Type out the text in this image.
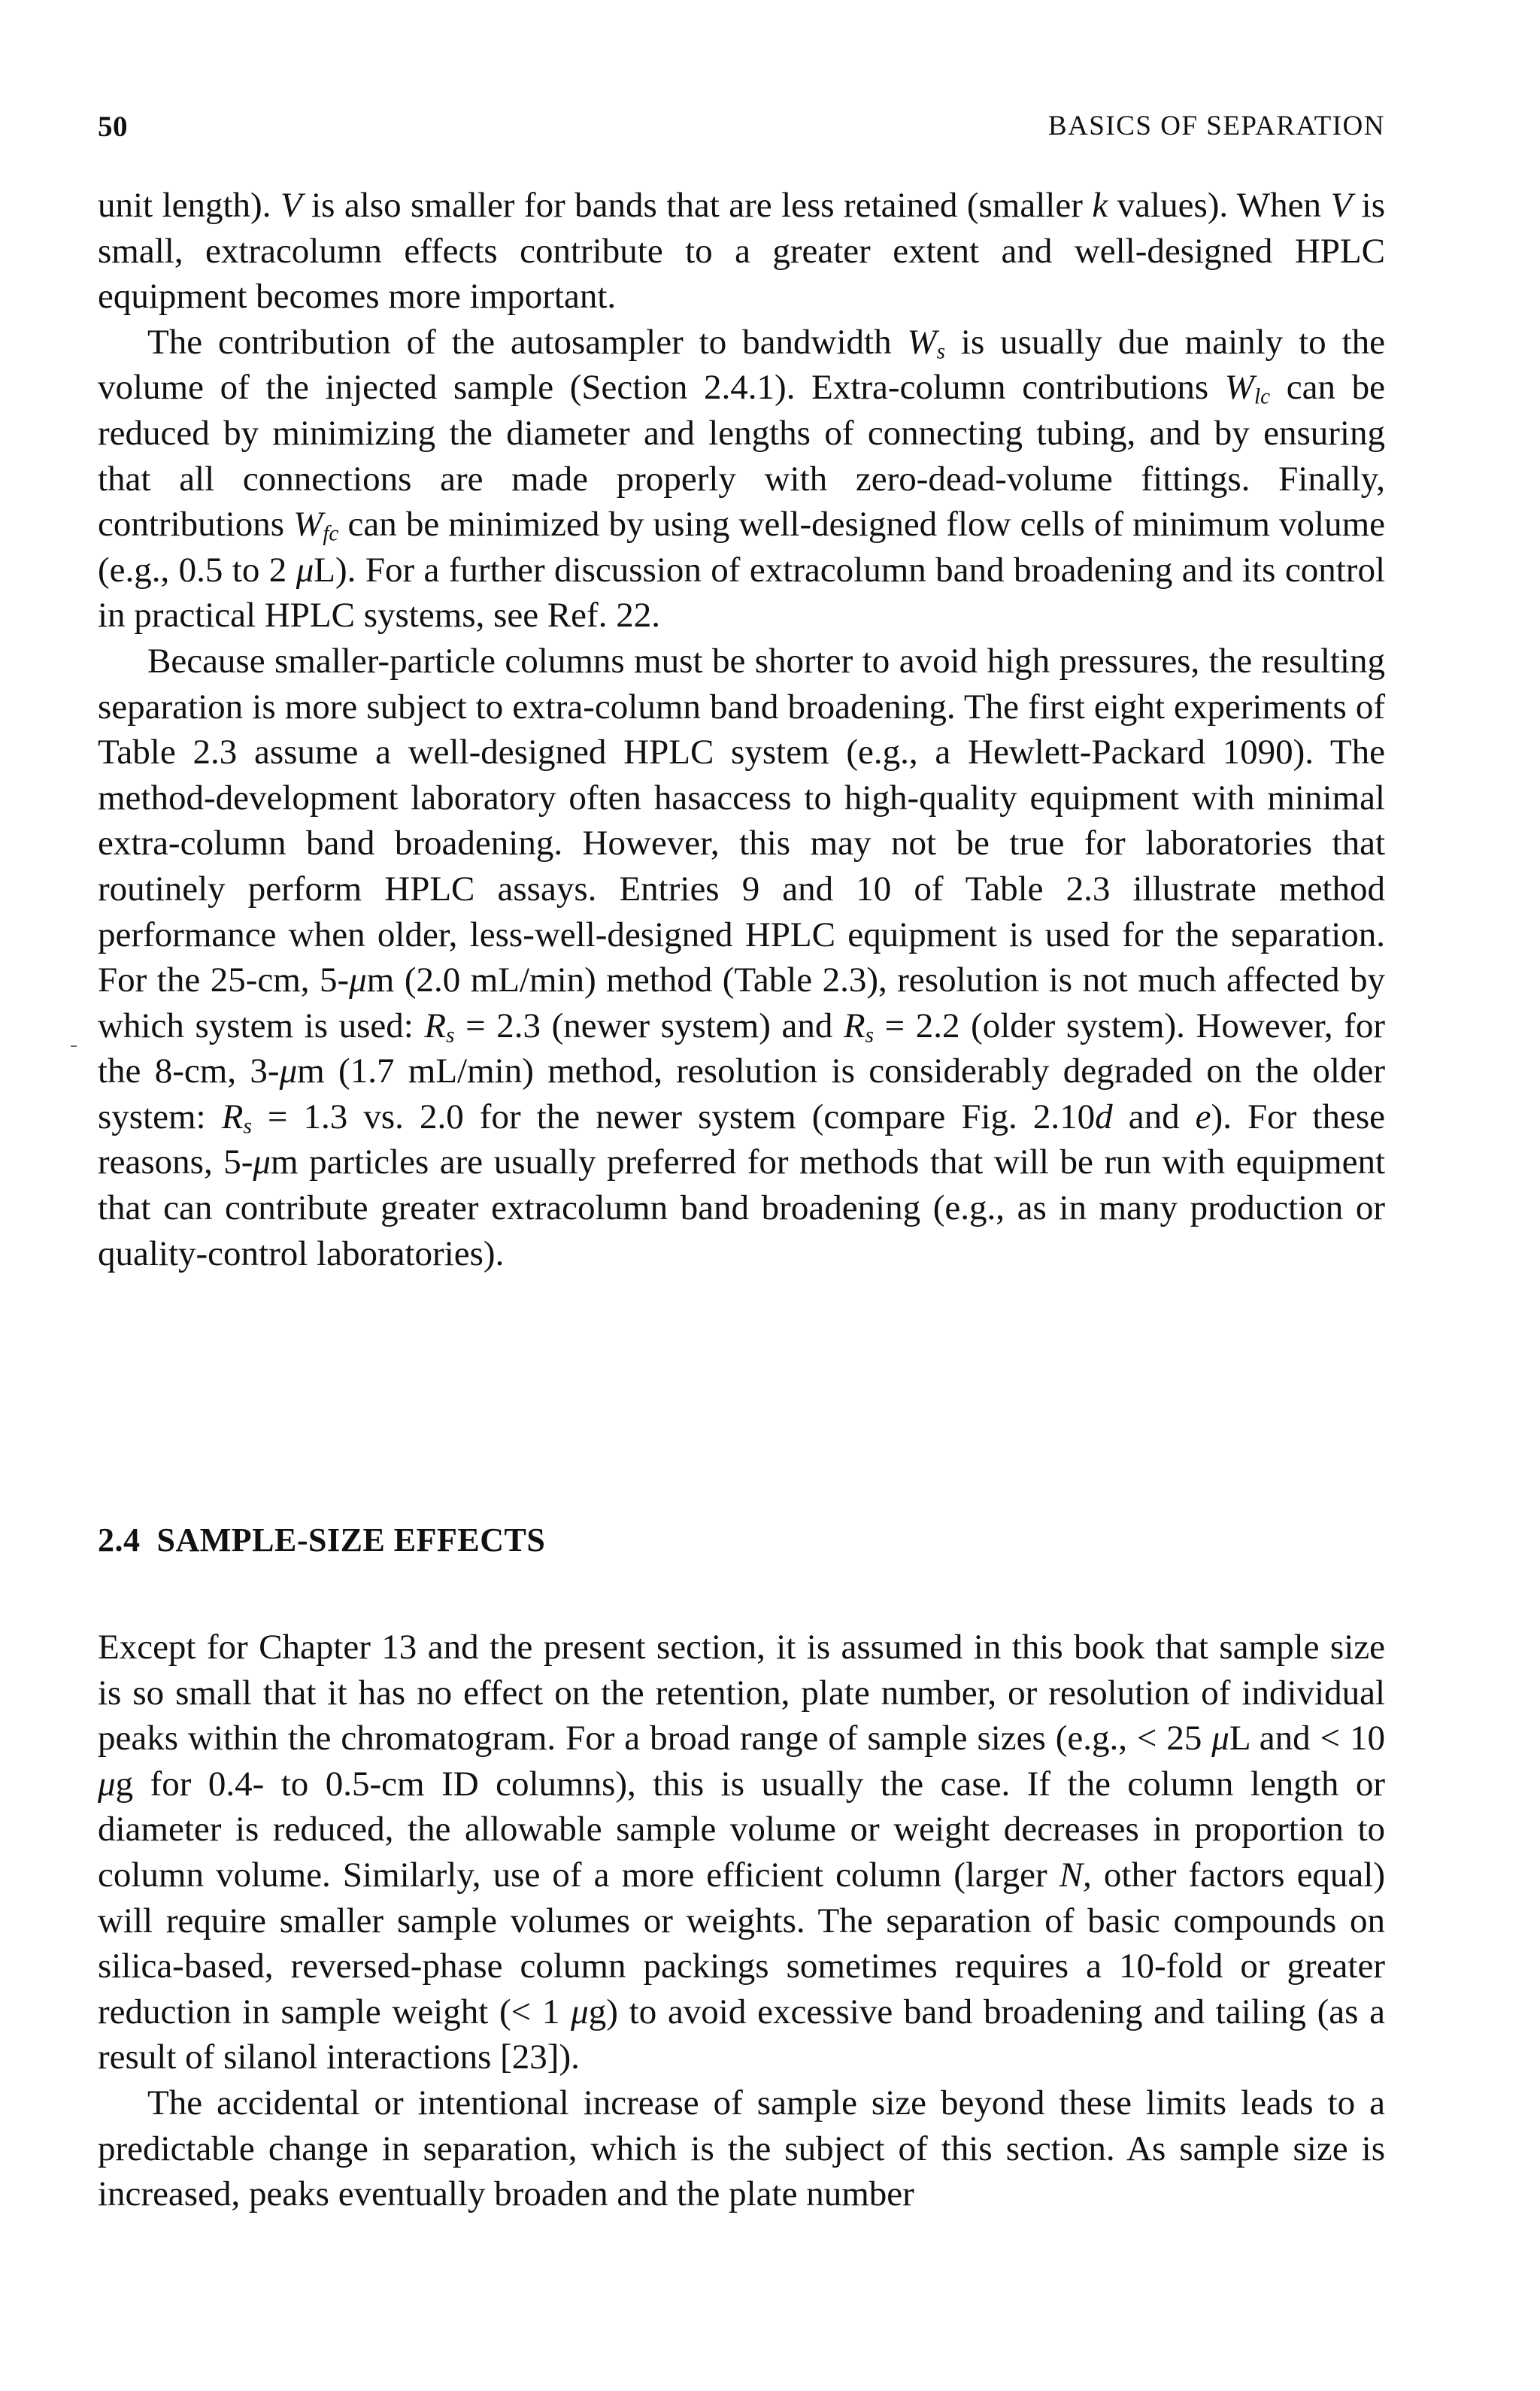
50	BASICS OF SEPARATION

unit length). V is also smaller for bands that are less retained (smaller k values). When V is small, extracolumn effects contribute to a greater extent and well-designed HPLC equipment becomes more important.

The contribution of the autosampler to bandwidth $W_s$ is usually due mainly to the volume of the injected sample (Section 2.4.1). Extra-column contributions $W_{lc}$ can be reduced by minimizing the diameter and lengths of connecting tubing, and by ensuring that all connections are made properly with zero-dead-volume fittings. Finally, contributions $W_{fc}$ can be minimized by using well-designed flow cells of minimum volume (e.g., 0.5 to 2 μL). For a further discussion of extracolumn band broadening and its control in practical HPLC systems, see Ref. 22.

Because smaller-particle columns must be shorter to avoid high pressures, the resulting separation is more subject to extra-column band broadening. The first eight experiments of Table 2.3 assume a well-designed HPLC system (e.g., a Hewlett-Packard 1090). The method-development laboratory often hasaccess to high-quality equipment with minimal extra-column band broadening. However, this may not be true for laboratories that routinely perform HPLC assays. Entries 9 and 10 of Table 2.3 illustrate method performance when older, less-well-designed HPLC equipment is used for the separation. For the 25-cm, 5-μm (2.0 mL/min) method (Table 2.3), resolution is not much affected by which system is used: $R_s = 2.3$ (newer system) and $R_s = 2.2$ (older system). However, for the 8-cm, 3-μm (1.7 mL/min) method, resolution is considerably degraded on the older system: $R_s = 1.3$ vs. 2.0 for the newer system (compare Fig. 2.10d and e). For these reasons, 5-μm particles are usually preferred for methods that will be run with equipment that can contribute greater extracolumn band broadening (e.g., as in many production or quality-control laboratories).

2.4 SAMPLE-SIZE EFFECTS

Except for Chapter 13 and the present section, it is assumed in this book that sample size is so small that it has no effect on the retention, plate number, or resolution of individual peaks within the chromatogram. For a broad range of sample sizes (e.g., < 25 μL and < 10 μg for 0.4- to 0.5-cm ID columns), this is usually the case. If the column length or diameter is reduced, the allowable sample volume or weight decreases in proportion to column volume. Similarly, use of a more efficient column (larger N, other factors equal) will require smaller sample volumes or weights. The separation of basic compounds on silica-based, reversed-phase column packings sometimes requires a 10-fold or greater reduction in sample weight (< 1 μg) to avoid excessive band broadening and tailing (as a result of silanol interactions [23]).

The accidental or intentional increase of sample size beyond these limits leads to a predictable change in separation, which is the subject of this section. As sample size is increased, peaks eventually broaden and the plate number
